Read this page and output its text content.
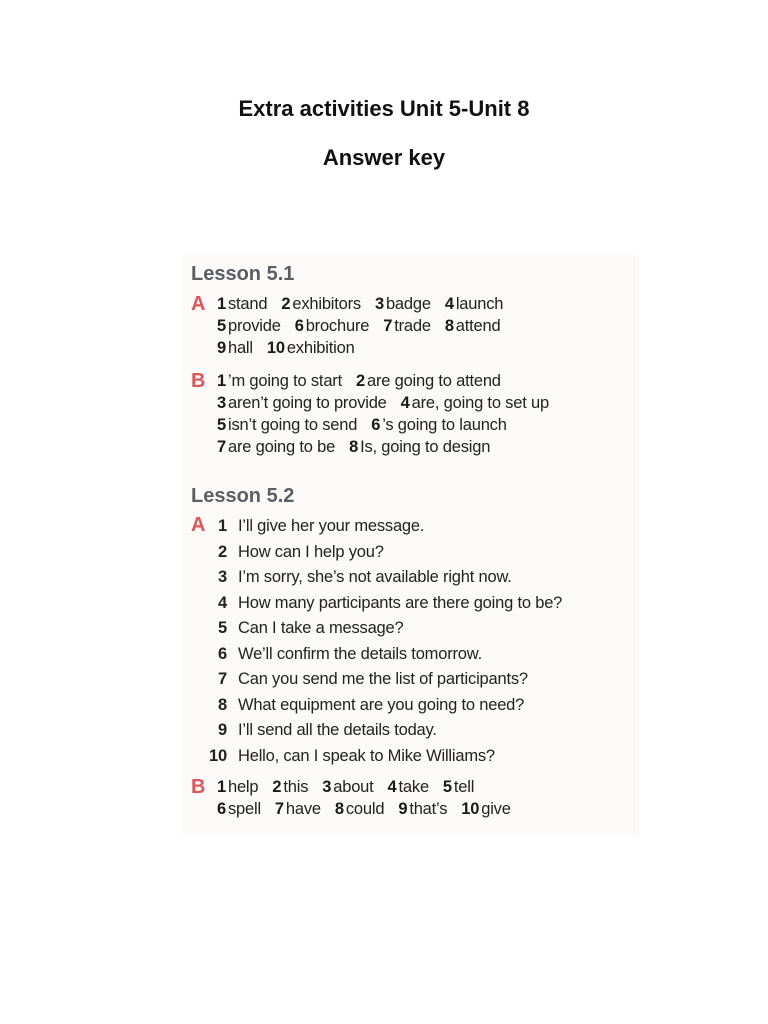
Extra activities Unit 5-Unit 8
Answer key
Lesson 5.1
A 1 stand 2 exhibitors 3 badge 4 launch
5 provide 6 brochure 7 trade 8 attend
9 hall 10 exhibition
B 1 ’m going to start 2 are going to attend
3 aren’t going to provide 4 are, going to set up
5 isn’t going to send 6 ’s going to launch
7 are going to be 8 Is, going to design
Lesson 5.2
A 1 I’ll give her your message.
2 How can I help you?
3 I’m sorry, she’s not available right now.
4 How many participants are there going to be?
5 Can I take a message?
6 We’ll confirm the details tomorrow.
7 Can you send me the list of participants?
8 What equipment are you going to need?
9 I’ll send all the details today.
10 Hello, can I speak to Mike Williams?
B 1 help 2 this 3 about 4 take 5 tell
6 spell 7 have 8 could 9 that’s 10 give
